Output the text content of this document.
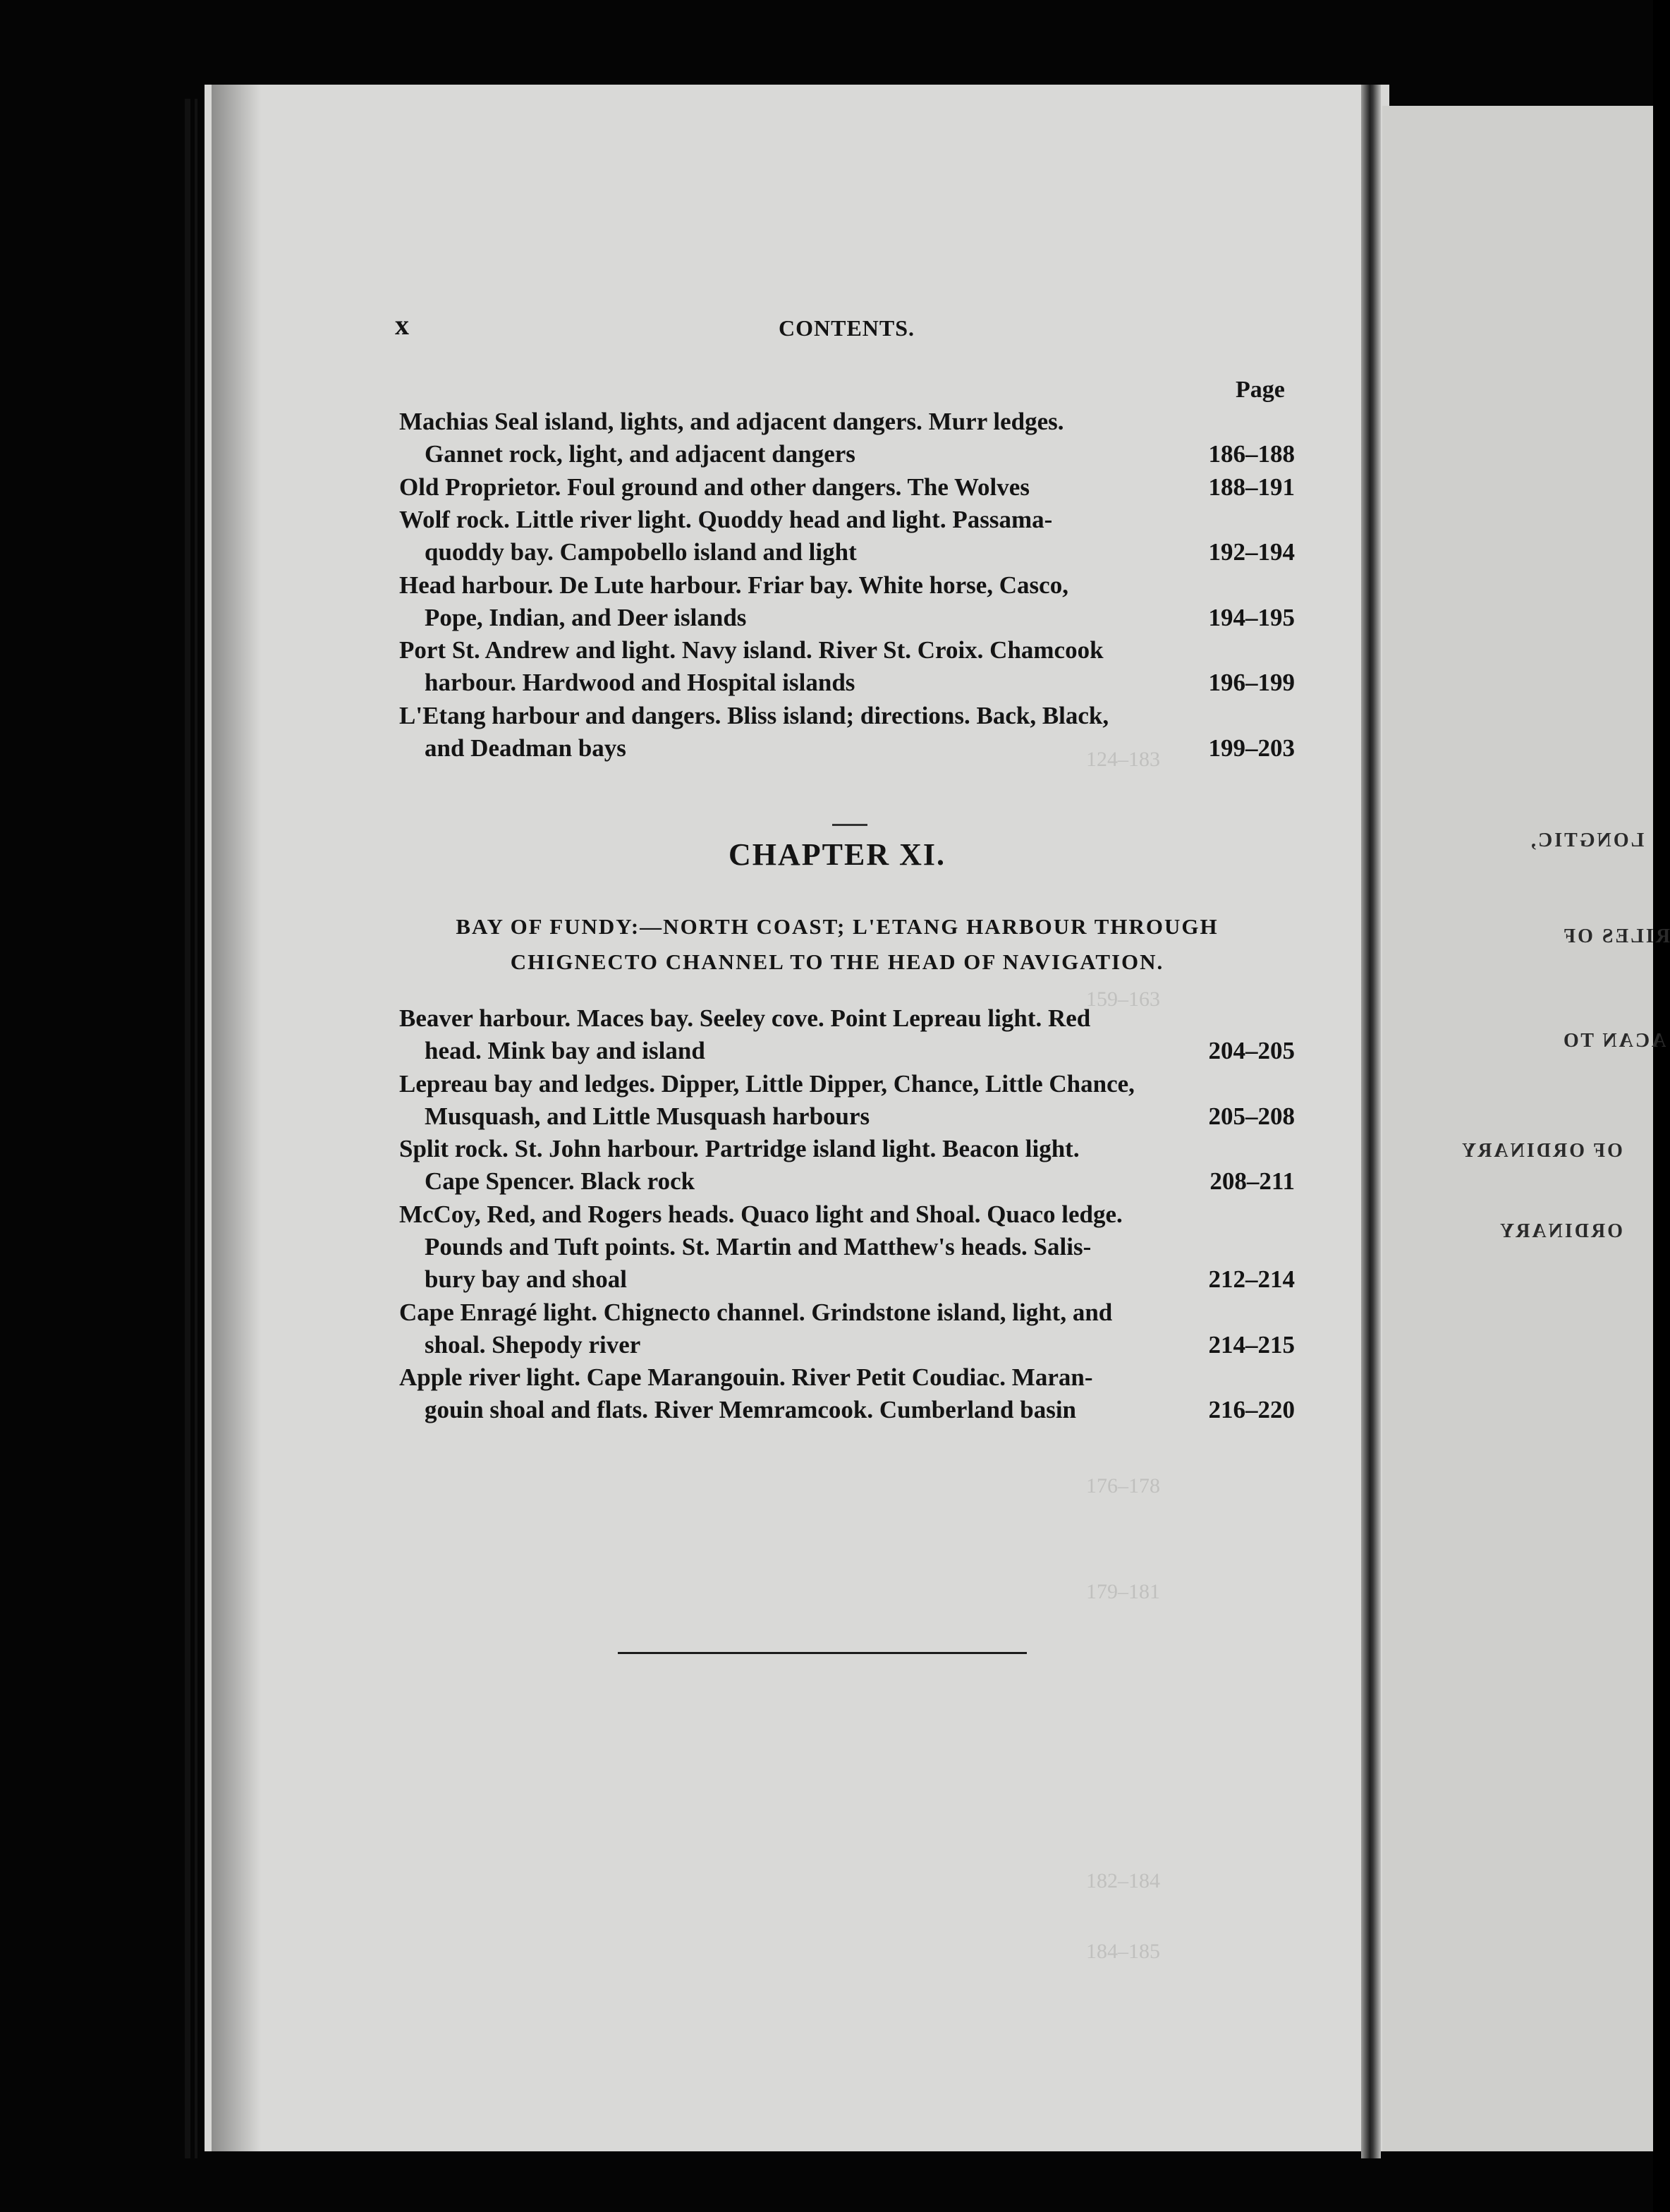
124–183
159–163
176–178
179–181
182–184
184–185
LONGTIC,
RILES OF
ACAN TO
OF ORDINARY
ORDINARY
x	CONTENTS.
Page
Machias Seal island, lights, and adjacent dangers. Murr ledges.
Gannet rock, light, and adjacent dangers	186–188
Old Proprietor. Foul ground and other dangers. The Wolves	188–191
Wolf rock. Little river light. Quoddy head and light. Passama-
quoddy bay. Campobello island and light	192–194
Head harbour. De Lute harbour. Friar bay. White horse, Casco,
Pope, Indian, and Deer islands	194–195
Port St. Andrew and light. Navy island. River St. Croix. Chamcook
harbour. Hardwood and Hospital islands	196–199
L'Etang harbour and dangers. Bliss island; directions. Back, Black,
and Deadman bays	199–203
CHAPTER XI.
BAY OF FUNDY:—NORTH COAST; L'ETANG HARBOUR THROUGH
CHIGNECTO CHANNEL TO THE HEAD OF NAVIGATION.
Beaver harbour. Maces bay. Seeley cove. Point Lepreau light. Red
head. Mink bay and island	204–205
Lepreau bay and ledges. Dipper, Little Dipper, Chance, Little Chance,
Musquash, and Little Musquash harbours	205–208
Split rock. St. John harbour. Partridge island light. Beacon light.
Cape Spencer. Black rock	208–211
McCoy, Red, and Rogers heads. Quaco light and Shoal. Quaco ledge.
Pounds and Tuft points. St. Martin and Matthew's heads. Salis-
bury bay and shoal	212–214
Cape Enragé light. Chignecto channel. Grindstone island, light, and
shoal. Shepody river	214–215
Apple river light. Cape Marangouin. River Petit Coudiac. Maran-
gouin shoal and flats. River Memramcook. Cumberland basin	216–220
